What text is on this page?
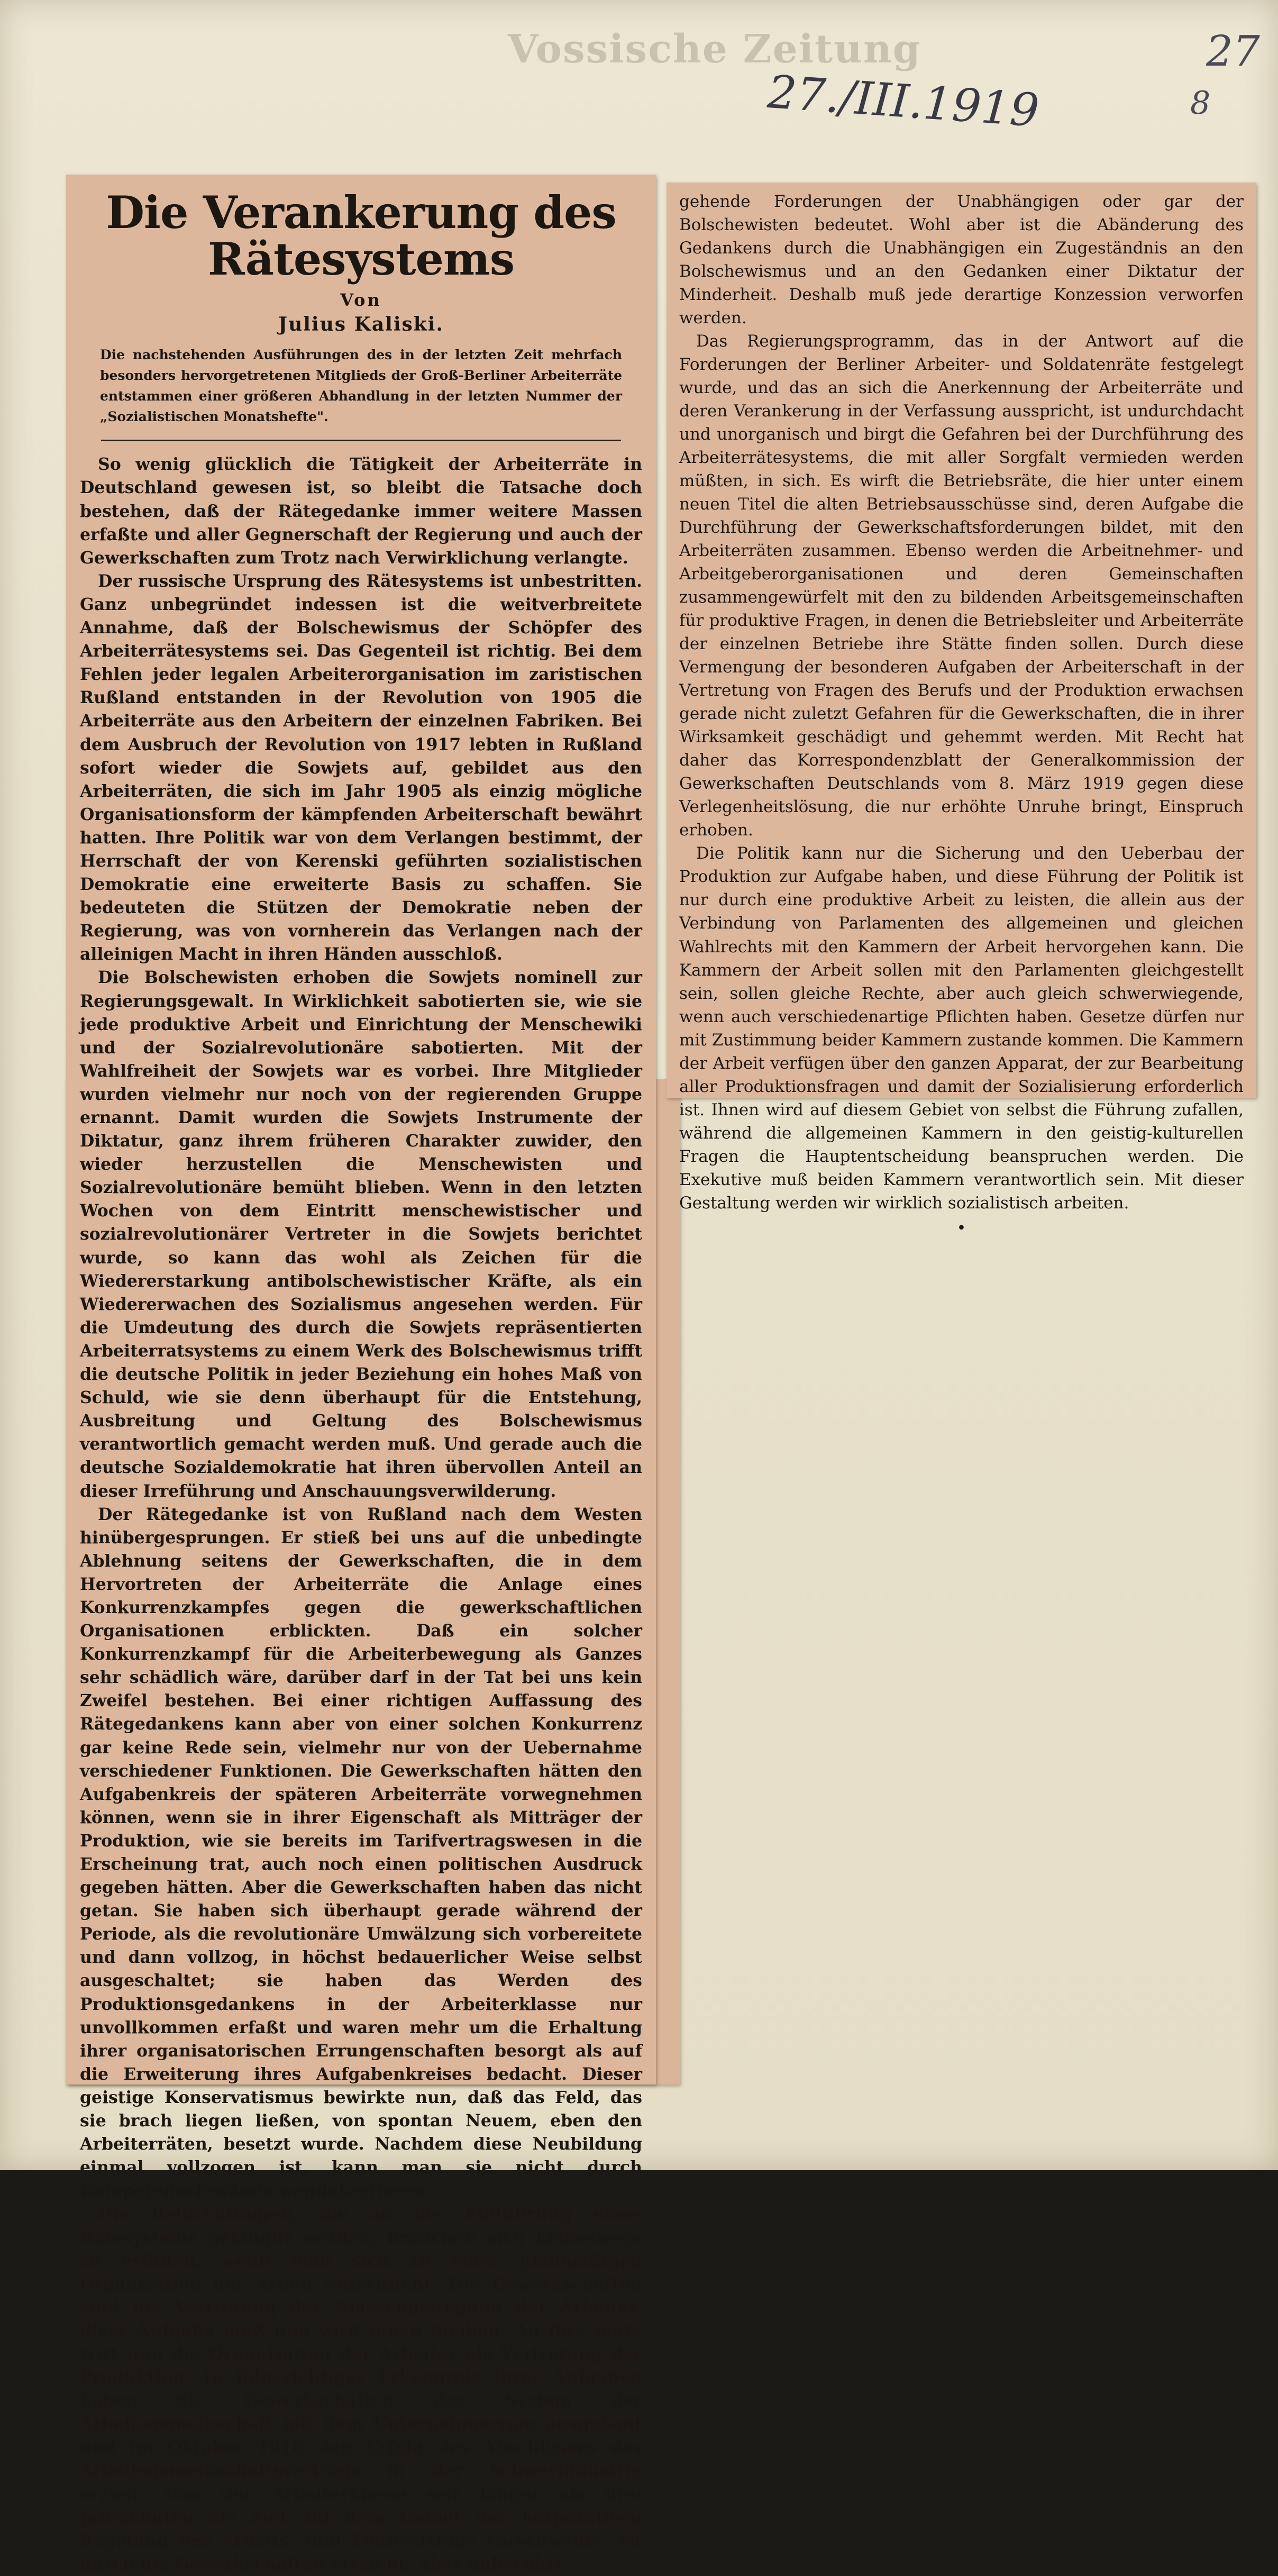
Vossische Zeitung
27./III.1919
27
8
Die Verankerung des Rätesystems
Von
Julius Kaliski.
Die nachstehenden Ausführungen des in der letzten Zeit mehrfach besonders hervorgetretenen Mitglieds der Groß-Berliner Arbeiterräte entstammen einer größeren Abhandlung in der letzten Nummer der „Sozialistischen Monatshefte".

So wenig glücklich die Tätigkeit der Arbeiterräte in Deutschland gewesen ist, so bleibt die Tatsache doch bestehen, daß der Rätegedanke immer weitere Massen erfaßte und aller Gegnerschaft der Regierung und auch der Gewerkschaften zum Trotz nach Verwirklichung verlangte.

Der russische Ursprung des Rätesystems ist unbestritten. Ganz unbegründet indessen ist die weitverbreitete Annahme, daß der Bolschewismus der Schöpfer des Arbeiterrätesystems sei. Das Gegenteil ist richtig. Bei dem Fehlen jeder legalen Arbeiterorganisation im zaristischen Rußland entstanden in der Revolution von 1905 die Arbeiterräte aus den Arbeitern der einzelnen Fabriken. Bei dem Ausbruch der Revolution von 1917 lebten in Rußland sofort wieder die Sowjets auf, gebildet aus den Arbeiterräten, die sich im Jahr 1905 als einzig mögliche Organisationsform der kämpfenden Arbeiterschaft bewährt hatten. Ihre Politik war von dem Verlangen bestimmt, der Herrschaft der von Kerenski geführten sozialistischen Demokratie eine erweiterte Basis zu schaffen. Sie bedeuteten die Stützen der Demokratie neben der Regierung, was von vornherein das Verlangen nach der alleinigen Macht in ihren Händen ausschloß.

Die Bolschewisten erhoben die Sowjets nominell zur Regierungsgewalt. In Wirklichkeit sabotierten sie, wie sie jede produktive Arbeit und Einrichtung der Menschewiki und der Sozialrevolutionäre sabotierten. Mit der Wahlfreiheit der Sowjets war es vorbei. Ihre Mitglieder wurden vielmehr nur noch von der regierenden Gruppe ernannt. Damit wurden die Sowjets Instrumente der Diktatur, ganz ihrem früheren Charakter zuwider, den wieder herzustellen die Menschewisten und Sozialrevolutionäre bemüht blieben. Wenn in den letzten Wochen von dem Eintritt menschewistischer und sozialrevolutionärer Vertreter in die Sowjets berichtet wurde, so kann das wohl als Zeichen für die Wiedererstarkung antibolschewistischer Kräfte, als ein Wiedererwachen des Sozialismus angesehen werden. Für die Umdeutung des durch die Sowjets repräsentierten Arbeiterratsystems zu einem Werk des Bolschewismus trifft die deutsche Politik in jeder Beziehung ein hohes Maß von Schuld, wie sie denn überhaupt für die Entstehung, Ausbreitung und Geltung des Bolschewismus verantwortlich gemacht werden muß. Und gerade auch die deutsche Sozialdemokratie hat ihren übervollen Anteil an dieser Irreführung und Anschauungsverwilderung.

Der Rätegedanke ist von Rußland nach dem Westen hinübergesprungen. Er stieß bei uns auf die unbedingte Ablehnung seitens der Gewerkschaften, die in dem Hervortreten der Arbeiterräte die Anlage eines Konkurrenzkampfes gegen die gewerkschaftlichen Organisationen erblickten. Daß ein solcher Konkurrenzkampf für die Arbeiterbewegung als Ganzes sehr schädlich wäre, darüber darf in der Tat bei uns kein Zweifel bestehen. Bei einer richtigen Auffassung des Rätegedankens kann aber von einer solchen Konkurrenz gar keine Rede sein, vielmehr nur von der Uebernahme verschiedener Funktionen. Die Gewerkschaften hätten den Aufgabenkreis der späteren Arbeiterräte vorwegnehmen können, wenn sie in ihrer Eigenschaft als Mitträger der Produktion, wie sie bereits im Tarifvertragswesen in die Erscheinung trat, auch noch einen politischen Ausdruck gegeben hätten. Aber die Gewerkschaften haben das nicht getan. Sie haben sich überhaupt gerade während der Periode, als die revolutionäre Umwälzung sich vorbereitete und dann vollzog, in höchst bedauerlicher Weise selbst ausgeschaltet; sie haben das Werden des Produktionsgedankens in der Arbeiterklasse nur unvollkommen erfaßt und waren mehr um die Erhaltung ihrer organisatorischen Errungenschaften besorgt als auf die Erweiterung ihres Aufgabenkreises bedacht. Dieser geistige Konservatismus bewirkte nun, daß das Feld, das sie brach liegen ließen, von spontan Neuem, eben den Arbeiterräten, besetzt wurde. Nachdem diese Neubildung einmal vollzogen ist, kann man sie nicht durch Kompetenzeinwände wegdekretieren.

Die Befürchtungen, die an die Einführung eines Rätesystems geknüpft werden, brauchen sich keineswegs zu erfüllen, wenn man sich zu einer planmäßigen Organisation der Arbeit entschließt. Die Gewerkschaften sind die Vertretung der Klassenbewegung der Arbeiter, diese Aufgabe muß und wird ihnen bleiben. An ihre Seite tritt nun die Organisation der Arbeiter als Vertretung der Produktion. In folgerichtiger Erkenntnis ihrer Aufgaben haben die Gewerkschaften das System der Arbeitsgemeinschaft mit dem Unternehmertum ausgebaut und im Oktober 1918 den Erfolg des Abschlusses des Arbeitsgemeinschaftsvertrags in der Schwerindustrie erzielt. Was der Arbeiterklasse seit länger als drei Jahrzehnten als Ziel auf dem Gebiet der korporativen Regelung des Arbeits- und Lohnvertrags vorschwebte, ist durch die Gewerkschaften erreicht. Aber unberührt

gehende Forderungen der Unabhängigen oder gar der Bolschewisten bedeutet. Wohl aber ist die Abänderung des Gedankens durch die Unabhängigen ein Zugeständnis an den Bolschewismus und an den Gedanken einer Diktatur der Minderheit. Deshalb muß jede derartige Konzession verworfen werden.

Das Regierungsprogramm, das in der Antwort auf die Forderungen der Berliner Arbeiter- und Soldatenräte festgelegt wurde, und das an sich die Anerkennung der Arbeiterräte und deren Verankerung in der Verfassung ausspricht, ist undurchdacht und unorganisch und birgt die Gefahren bei der Durchführung des Arbeiterrätesystems, die mit aller Sorgfalt vermieden werden müßten, in sich. Es wirft die Betriebsräte, die hier unter einem neuen Titel die alten Betriebsausschüsse sind, deren Aufgabe die Durchführung der Gewerkschaftsforderungen bildet, mit den Arbeiterräten zusammen. Ebenso werden die Arbeitnehmer- und Arbeitgeberorganisationen und deren Gemeinschaften zusammengewürfelt mit den zu bildenden Arbeitsgemeinschaften für produktive Fragen, in denen die Betriebsleiter und Arbeiterräte der einzelnen Betriebe ihre Stätte finden sollen. Durch diese Vermengung der besonderen Aufgaben der Arbeiterschaft in der Vertretung von Fragen des Berufs und der Produktion erwachsen gerade nicht zuletzt Gefahren für die Gewerkschaften, die in ihrer Wirksamkeit geschädigt und gehemmt werden. Mit Recht hat daher das Korrespondenzblatt der Generalkommission der Gewerkschaften Deutschlands vom 8. März 1919 gegen diese Verlegenheitslösung, die nur erhöhte Unruhe bringt, Einspruch erhoben.

Die Politik kann nur die Sicherung und den Ueberbau der Produktion zur Aufgabe haben, und diese Führung der Politik ist nur durch eine produktive Arbeit zu leisten, die allein aus der Verbindung von Parlamenten des allgemeinen und gleichen Wahlrechts mit den Kammern der Arbeit hervorgehen kann. Die Kammern der Arbeit sollen mit den Parlamenten gleichgestellt sein, sollen gleiche Rechte, aber auch gleich schwerwiegende, wenn auch verschiedenartige Pflichten haben. Gesetze dürfen nur mit Zustimmung beider Kammern zustande kommen. Die Kammern der Arbeit verfügen über den ganzen Apparat, der zur Bearbeitung aller Produktionsfragen und damit der Sozialisierung erforderlich ist. Ihnen wird auf diesem Gebiet von selbst die Führung zufallen, während die allgemeinen Kammern in den geistig-kulturellen Fragen die Hauptentscheidung beanspruchen werden. Die Exekutive muß beiden Kammern verantwortlich sein. Mit dieser Gestaltung werden wir wirklich sozialistisch arbeiten.

•
